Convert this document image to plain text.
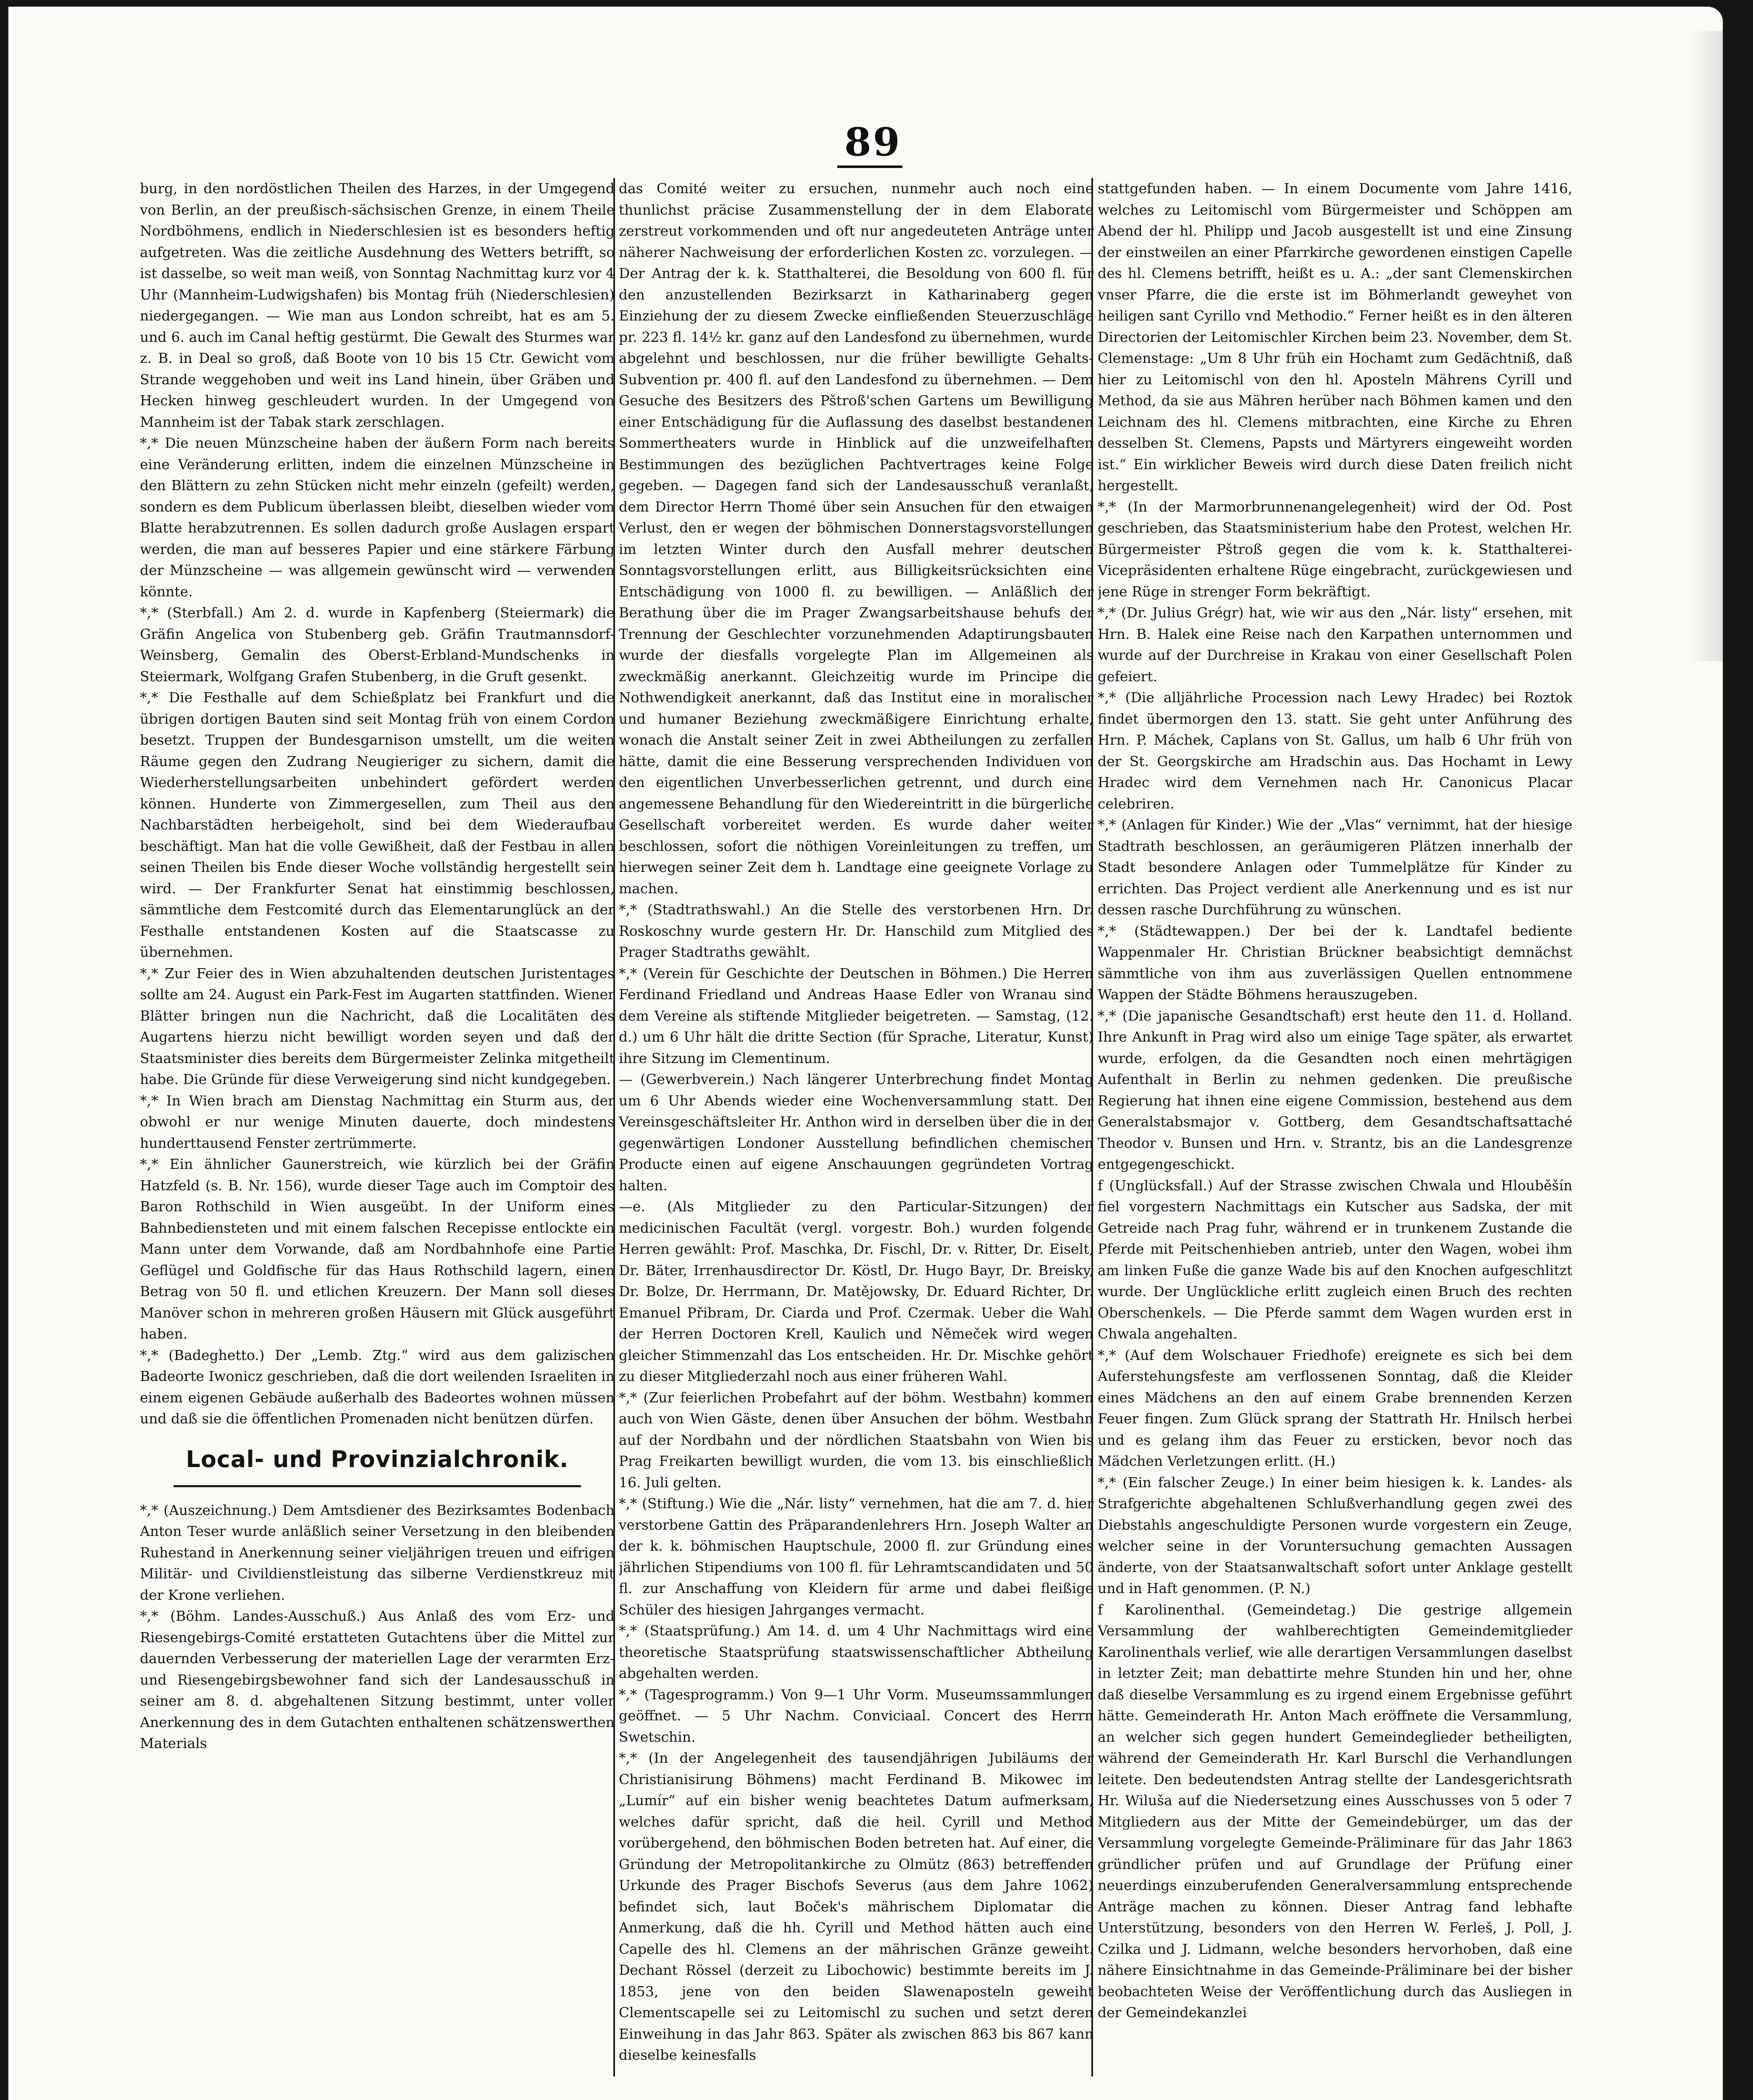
89

burg, in den nordöstlichen Theilen des Harzes, in der Umgegend von Berlin, an der preußisch-sächsischen Grenze, in einem Theile Nordböhmens, endlich in Niederschlesien ist es besonders heftig aufgetreten. Was die zeitliche Ausdehnung des Wetters betrifft, so ist dasselbe, so weit man weiß, von Sonntag Nachmittag kurz vor 4 Uhr (Mannheim-Ludwigshafen) bis Montag früh (Niederschlesien) niedergegangen. — Wie man aus London schreibt, hat es am 5. und 6. auch im Canal heftig gestürmt. Die Gewalt des Sturmes war z. B. in Deal so groß, daß Boote von 10 bis 15 Ctr. Gewicht vom Strande weggehoben und weit ins Land hinein, über Gräben und Hecken hinweg geschleudert wurden. In der Umgegend von Mannheim ist der Tabak stark zerschlagen.

*,* Die neuen Münzscheine haben der äußern Form nach bereits eine Veränderung erlitten, indem die einzelnen Münzscheine in den Blättern zu zehn Stücken nicht mehr einzeln (gefeilt) werden, sondern es dem Publicum überlassen bleibt, dieselben wieder vom Blatte herabzutrennen. Es sollen dadurch große Auslagen erspart werden, die man auf besseres Papier und eine stärkere Färbung der Münzscheine — was allgemein gewünscht wird — verwenden könnte.

*,* (Sterbfall.) Am 2. d. wurde in Kapfenberg (Steiermark) die Gräfin Angelica von Stubenberg geb. Gräfin Trautmannsdorf-Weinsberg, Gemalin des Oberst-Erbland-Mundschenks in Steiermark, Wolfgang Grafen Stubenberg, in die Gruft gesenkt.

*,* Die Festhalle auf dem Schießplatz bei Frankfurt und die übrigen dortigen Bauten sind seit Montag früh von einem Cordon besetzt. Truppen der Bundesgarnison umstellt, um die weiten Räume gegen den Zudrang Neugieriger zu sichern, damit die Wiederherstellungsarbeiten unbehindert gefördert werden können. Hunderte von Zimmergesellen, zum Theil aus den Nachbarstädten herbeigeholt, sind bei dem Wiederaufbau beschäftigt. Man hat die volle Gewißheit, daß der Festbau in allen seinen Theilen bis Ende dieser Woche vollständig hergestellt sein wird. — Der Frankfurter Senat hat einstimmig beschlossen, sämmtliche dem Festcomité durch das Elementarunglück an der Festhalle entstandenen Kosten auf die Staatscasse zu übernehmen.

*,* Zur Feier des in Wien abzuhaltenden deutschen Juristentages sollte am 24. August ein Park-Fest im Augarten stattfinden. Wiener Blätter bringen nun die Nachricht, daß die Localitäten des Augartens hierzu nicht bewilligt worden seyen und daß der Staatsminister dies bereits dem Bürgermeister Zelinka mitgetheilt habe. Die Gründe für diese Verweigerung sind nicht kundgegeben.

*,* In Wien brach am Dienstag Nachmittag ein Sturm aus, der obwohl er nur wenige Minuten dauerte, doch mindestens hunderttausend Fenster zertrümmerte.

*,* Ein ähnlicher Gaunerstreich, wie kürzlich bei der Gräfin Hatzfeld (s. B. Nr. 156), wurde dieser Tage auch im Comptoir des Baron Rothschild in Wien ausgeübt. In der Uniform eines Bahnbediensteten und mit einem falschen Recepisse entlockte ein Mann unter dem Vorwande, daß am Nordbahnhofe eine Partie Geflügel und Goldfische für das Haus Rothschild lagern, einen Betrag von 50 fl. und etlichen Kreuzern. Der Mann soll dieses Manöver schon in mehreren großen Häusern mit Glück ausgeführt haben.

*,* (Badeghetto.) Der „Lemb. Ztg.“ wird aus dem galizischen Badeorte Iwonicz geschrieben, daß die dort weilenden Israeliten in einem eigenen Gebäude außerhalb des Badeortes wohnen müssen und daß sie die öffentlichen Promenaden nicht benützen dürfen.

Local- und Provinzialchronik.

*,* (Auszeichnung.) Dem Amtsdiener des Bezirksamtes Bodenbach Anton Teser wurde anläßlich seiner Versetzung in den bleibenden Ruhestand in Anerkennung seiner vieljährigen treuen und eifrigen Militär- und Civildienstleistung das silberne Verdienstkreuz mit der Krone verliehen.

*,* (Böhm. Landes-Ausschuß.) Aus Anlaß des vom Erz- und Riesengebirgs-Comité erstatteten Gutachtens über die Mittel zur dauernden Verbesserung der materiellen Lage der verarmten Erz- und Riesengebirgsbewohner fand sich der Landesausschuß in seiner am 8. d. abgehaltenen Sitzung bestimmt, unter voller Anerkennung des in dem Gutachten enthaltenen schätzenswerthen Materials

das Comité weiter zu ersuchen, nunmehr auch noch eine thunlichst präcise Zusammenstellung der in dem Elaborate zerstreut vorkommenden und oft nur angedeuteten Anträge unter näherer Nachweisung der erforderlichen Kosten zc. vorzulegen. — Der Antrag der k. k. Statthalterei, die Besoldung von 600 fl. für den anzustellenden Bezirksarzt in Katharinaberg gegen Einziehung der zu diesem Zwecke einfließenden Steuerzuschläge pr. 223 fl. 14½ kr. ganz auf den Landesfond zu übernehmen, wurde abgelehnt und beschlossen, nur die früher bewilligte Gehalts-Subvention pr. 400 fl. auf den Landesfond zu übernehmen. — Dem Gesuche des Besitzers des Pštroß'schen Gartens um Bewilligung einer Entschädigung für die Auflassung des daselbst bestandenen Sommertheaters wurde in Hinblick auf die unzweifelhaften Bestimmungen des bezüglichen Pachtvertrages keine Folge gegeben. — Dagegen fand sich der Landesausschuß veranlaßt, dem Director Herrn Thomé über sein Ansuchen für den etwaigen Verlust, den er wegen der böhmischen Donnerstagsvorstellungen im letzten Winter durch den Ausfall mehrer deutschen Sonntagsvorstellungen erlitt, aus Billigkeitsrücksichten eine Entschädigung von 1000 fl. zu bewilligen. — Anläßlich der Berathung über die im Prager Zwangsarbeitshause behufs der Trennung der Geschlechter vorzunehmenden Adaptirungsbauten wurde der diesfalls vorgelegte Plan im Allgemeinen als zweckmäßig anerkannt. Gleichzeitig wurde im Principe die Nothwendigkeit anerkannt, daß das Institut eine in moralischer und humaner Beziehung zweckmäßigere Einrichtung erhalte, wonach die Anstalt seiner Zeit in zwei Abtheilungen zu zerfallen hätte, damit die eine Besserung versprechenden Individuen von den eigentlichen Unverbesserlichen getrennt, und durch eine angemessene Behandlung für den Wiedereintritt in die bürgerliche Gesellschaft vorbereitet werden. Es wurde daher weiter beschlossen, sofort die nöthigen Voreinleitungen zu treffen, um hierwegen seiner Zeit dem h. Landtage eine geeignete Vorlage zu machen.

*,* (Stadtrathswahl.) An die Stelle des verstorbenen Hrn. Dr. Roskoschny wurde gestern Hr. Dr. Hanschild zum Mitglied des Prager Stadtraths gewählt.

*,* (Verein für Geschichte der Deutschen in Böhmen.) Die Herren Ferdinand Friedland und Andreas Haase Edler von Wranau sind dem Vereine als stiftende Mitglieder beigetreten. — Samstag, (12. d.) um 6 Uhr hält die dritte Section (für Sprache, Literatur, Kunst) ihre Sitzung im Clementinum.

— (Gewerbverein.) Nach längerer Unterbrechung findet Montag um 6 Uhr Abends wieder eine Wochenversammlung statt. Der Vereinsgeschäftsleiter Hr. Anthon wird in derselben über die in der gegenwärtigen Londoner Ausstellung befindlichen chemischen Producte einen auf eigene Anschauungen gegründeten Vortrag halten.

—e. (Als Mitglieder zu den Particular-Sitzungen) der medicinischen Facultät (vergl. vorgestr. Boh.) wurden folgende Herren gewählt: Prof. Maschka, Dr. Fischl, Dr. v. Ritter, Dr. Eiselt, Dr. Bäter, Irrenhausdirector Dr. Köstl, Dr. Hugo Bayr, Dr. Breisky, Dr. Bolze, Dr. Herrmann, Dr. Matějowsky, Dr. Eduard Richter, Dr. Emanuel Přibram, Dr. Ciarda und Prof. Czermak. Ueber die Wahl der Herren Doctoren Krell, Kaulich und Němeček wird wegen gleicher Stimmenzahl das Los entscheiden. Hr. Dr. Mischke gehört zu dieser Mitgliederzahl noch aus einer früheren Wahl.

*,* (Zur feierlichen Probefahrt auf der böhm. Westbahn) kommen auch von Wien Gäste, denen über Ansuchen der böhm. Westbahn auf der Nordbahn und der nördlichen Staatsbahn von Wien bis Prag Freikarten bewilligt wurden, die vom 13. bis einschließlich 16. Juli gelten.

*,* (Stiftung.) Wie die „Nár. listy“ vernehmen, hat die am 7. d. hier verstorbene Gattin des Präparandenlehrers Hrn. Joseph Walter an der k. k. böhmischen Hauptschule, 2000 fl. zur Gründung eines jährlichen Stipendiums von 100 fl. für Lehramtscandidaten und 50 fl. zur Anschaffung von Kleidern für arme und dabei fleißige Schüler des hiesigen Jahrganges vermacht.

*,* (Staatsprüfung.) Am 14. d. um 4 Uhr Nachmittags wird eine theoretische Staatsprüfung staatswissenschaftlicher Abtheilung abgehalten werden.

*,* (Tagesprogramm.) Von 9—1 Uhr Vorm. Museumssammlungen geöffnet. — 5 Uhr Nachm. Conviciaal. Concert des Herrn Swetschin.

*,* (In der Angelegenheit des tausendjährigen Jubiläums der Christianisirung Böhmens) macht Ferdinand B. Mikowec im „Lumír“ auf ein bisher wenig beachtetes Datum aufmerksam, welches dafür spricht, daß die heil. Cyrill und Method vorübergehend, den böhmischen Boden betreten hat. Auf einer, die Gründung der Metropolitankirche zu Olmütz (863) betreffenden Urkunde des Prager Bischofs Severus (aus dem Jahre 1062) befindet sich, laut Boček's mährischem Diplomatar die Anmerkung, daß die hh. Cyrill und Method hätten auch eine Capelle des hl. Clemens an der mährischen Gränze geweiht. Dechant Rössel (derzeit zu Libochowic) bestimmte bereits im J. 1853, jene von den beiden Slawenaposteln geweiht Clementscapelle sei zu Leitomischl zu suchen und setzt deren Einweihung in das Jahr 863. Später als zwischen 863 bis 867 kann dieselbe keinesfalls

stattgefunden haben. — In einem Documente vom Jahre 1416, welches zu Leitomischl vom Bürgermeister und Schöppen am Abend der hl. Philipp und Jacob ausgestellt ist und eine Zinsung der einstweilen an einer Pfarrkirche gewordenen einstigen Capelle des hl. Clemens betrifft, heißt es u. A.: „der sant Clemenskirchen vnser Pfarre, die die erste ist im Böhmerlandt geweyhet von heiligen sant Cyrillo vnd Methodio.“ Ferner heißt es in den älteren Directorien der Leitomischler Kirchen beim 23. November, dem St. Clemenstage: „Um 8 Uhr früh ein Hochamt zum Gedächtniß, daß hier zu Leitomischl von den hl. Aposteln Mährens Cyrill und Method, da sie aus Mähren herüber nach Böhmen kamen und den Leichnam des hl. Clemens mitbrachten, eine Kirche zu Ehren desselben St. Clemens, Papsts und Märtyrers eingeweiht worden ist.“ Ein wirklicher Beweis wird durch diese Daten freilich nicht hergestellt.

*,* (In der Marmorbrunnenangelegenheit) wird der Od. Post geschrieben, das Staatsministerium habe den Protest, welchen Hr. Bürgermeister Pštroß gegen die vom k. k. Statthalterei-Vicepräsidenten erhaltene Rüge eingebracht, zurückgewiesen und jene Rüge in strenger Form bekräftigt.

*,* (Dr. Julius Grégr) hat, wie wir aus den „Nár. listy“ ersehen, mit Hrn. B. Halek eine Reise nach den Karpathen unternommen und wurde auf der Durchreise in Krakau von einer Gesellschaft Polen gefeiert.

*,* (Die alljährliche Procession nach Lewy Hradec) bei Roztok findet übermorgen den 13. statt. Sie geht unter Anführung des Hrn. P. Máchek, Caplans von St. Gallus, um halb 6 Uhr früh von der St. Georgskirche am Hradschin aus. Das Hochamt in Lewy Hradec wird dem Vernehmen nach Hr. Canonicus Placar celebriren.

*,* (Anlagen für Kinder.) Wie der „Vlas“ vernimmt, hat der hiesige Stadtrath beschlossen, an geräumigeren Plätzen innerhalb der Stadt besondere Anlagen oder Tummelplätze für Kinder zu errichten. Das Project verdient alle Anerkennung und es ist nur dessen rasche Durchführung zu wünschen.

*,* (Städtewappen.) Der bei der k. Landtafel bediente Wappenmaler Hr. Christian Brückner beabsichtigt demnächst sämmtliche von ihm aus zuverlässigen Quellen entnommene Wappen der Städte Böhmens herauszugeben.

*,* (Die japanische Gesandtschaft) erst heute den 11. d. Holland. Ihre Ankunft in Prag wird also um einige Tage später, als erwartet wurde, erfolgen, da die Gesandten noch einen mehrtägigen Aufenthalt in Berlin zu nehmen gedenken. Die preußische Regierung hat ihnen eine eigene Commission, bestehend aus dem Generalstabsmajor v. Gottberg, dem Gesandtschaftsattaché Theodor v. Bunsen und Hrn. v. Strantz, bis an die Landesgrenze entgegengeschickt.

f (Unglücksfall.) Auf der Strasse zwischen Chwala und Hlouběšín fiel vorgestern Nachmittags ein Kutscher aus Sadska, der mit Getreide nach Prag fuhr, während er in trunkenem Zustande die Pferde mit Peitschenhieben antrieb, unter den Wagen, wobei ihm am linken Fuße die ganze Wade bis auf den Knochen aufgeschlitzt wurde. Der Unglückliche erlitt zugleich einen Bruch des rechten Oberschenkels. — Die Pferde sammt dem Wagen wurden erst in Chwala angehalten.

*,* (Auf dem Wolschauer Friedhofe) ereignete es sich bei dem Auferstehungsfeste am verflossenen Sonntag, daß die Kleider eines Mädchens an den auf einem Grabe brennenden Kerzen Feuer fingen. Zum Glück sprang der Stattrath Hr. Hnilsch herbei und es gelang ihm das Feuer zu ersticken, bevor noch das Mädchen Verletzungen erlitt. (H.)

*,* (Ein falscher Zeuge.) In einer beim hiesigen k. k. Landes- als Strafgerichte abgehaltenen Schlußverhandlung gegen zwei des Diebstahls angeschuldigte Personen wurde vorgestern ein Zeuge, welcher seine in der Voruntersuchung gemachten Aussagen änderte, von der Staatsanwaltschaft sofort unter Anklage gestellt und in Haft genommen. (P. N.)

f Karolinenthal. (Gemeindetag.) Die gestrige allgemein Versammlung der wahlberechtigten Gemeindemitglieder Karolinenthals verlief, wie alle derartigen Versammlungen daselbst in letzter Zeit; man debattirte mehre Stunden hin und her, ohne daß dieselbe Versammlung es zu irgend einem Ergebnisse geführt hätte. Gemeinderath Hr. Anton Mach eröffnete die Versammlung, an welcher sich gegen hundert Gemeindeglieder betheiligten, während der Gemeinderath Hr. Karl Burschl die Verhandlungen leitete. Den bedeutendsten Antrag stellte der Landesgerichtsrath Hr. Wiluša auf die Niedersetzung eines Ausschusses von 5 oder 7 Mitgliedern aus der Mitte der Gemeindebürger, um das der Versammlung vorgelegte Gemeinde-Präliminare für das Jahr 1863 gründlicher prüfen und auf Grundlage der Prüfung einer neuerdings einzuberufenden Generalversammlung entsprechende Anträge machen zu können. Dieser Antrag fand lebhafte Unterstützung, besonders von den Herren W. Ferleš, J. Poll, J. Czilka und J. Lidmann, welche besonders hervorhoben, daß eine nähere Einsichtnahme in das Gemeinde-Präliminare bei der bisher beobachteten Weise der Veröffentlichung durch das Ausliegen in der Gemeindekanzlei
